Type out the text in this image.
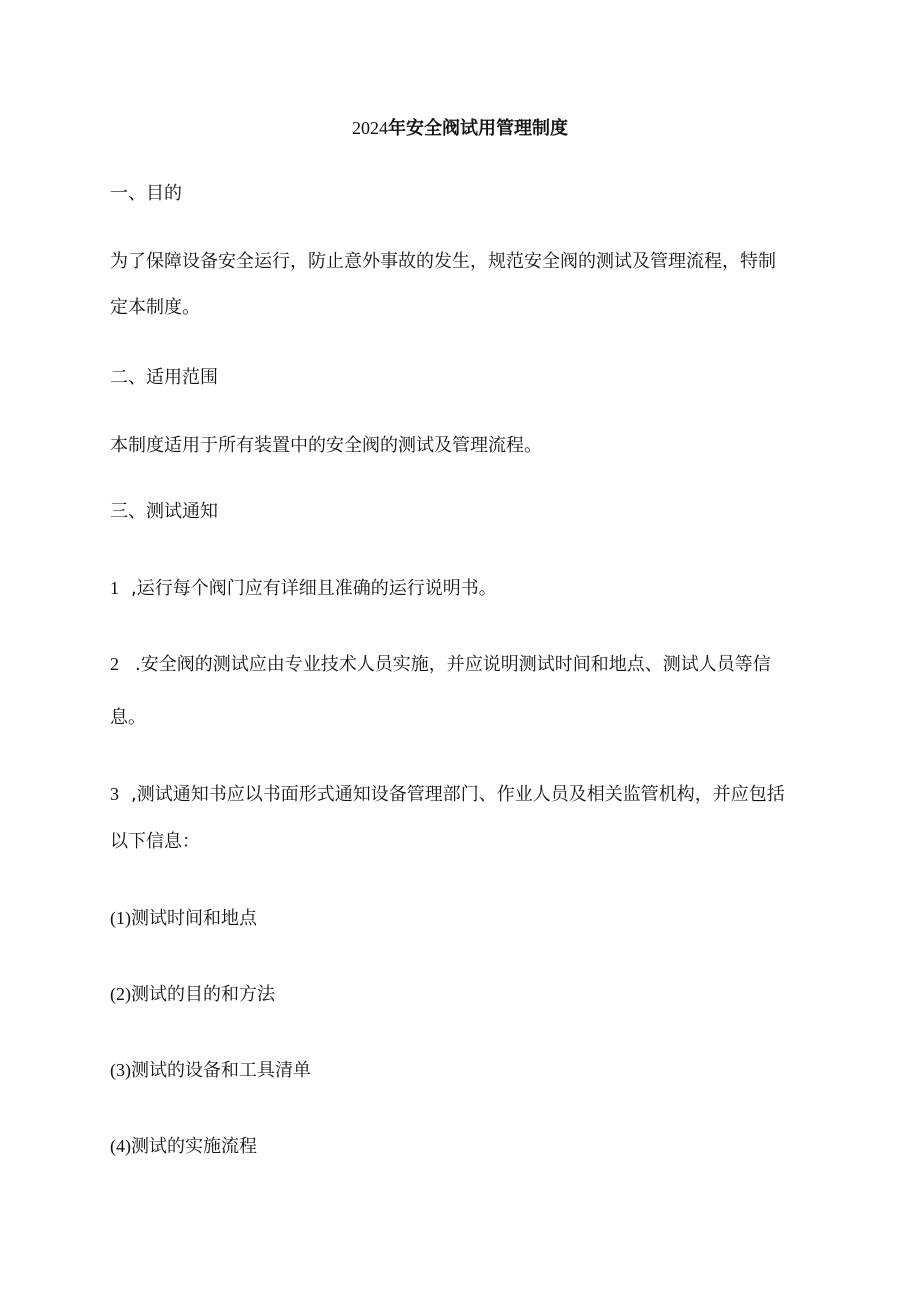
2024年安全阀试用管理制度
一、目的
为了保障设备安全运行，防止意外事故的发生，规范安全阀的测试及管理流程，特制
定本制度。
二、适用范围
本制度适用于所有装置中的安全阀的测试及管理流程。
三、测试通知
1 ,运行每个阀门应有详细且准确的运行说明书。
2 .安全阀的测试应由专业技术人员实施，并应说明测试时间和地点、测试人员等信
息。
3 ,测试通知书应以书面形式通知设备管理部门、作业人员及相关监管机构，并应包括
以下信息：
(1)测试时间和地点
(2)测试的目的和方法
(3)测试的设备和工具清单
(4)测试的实施流程
